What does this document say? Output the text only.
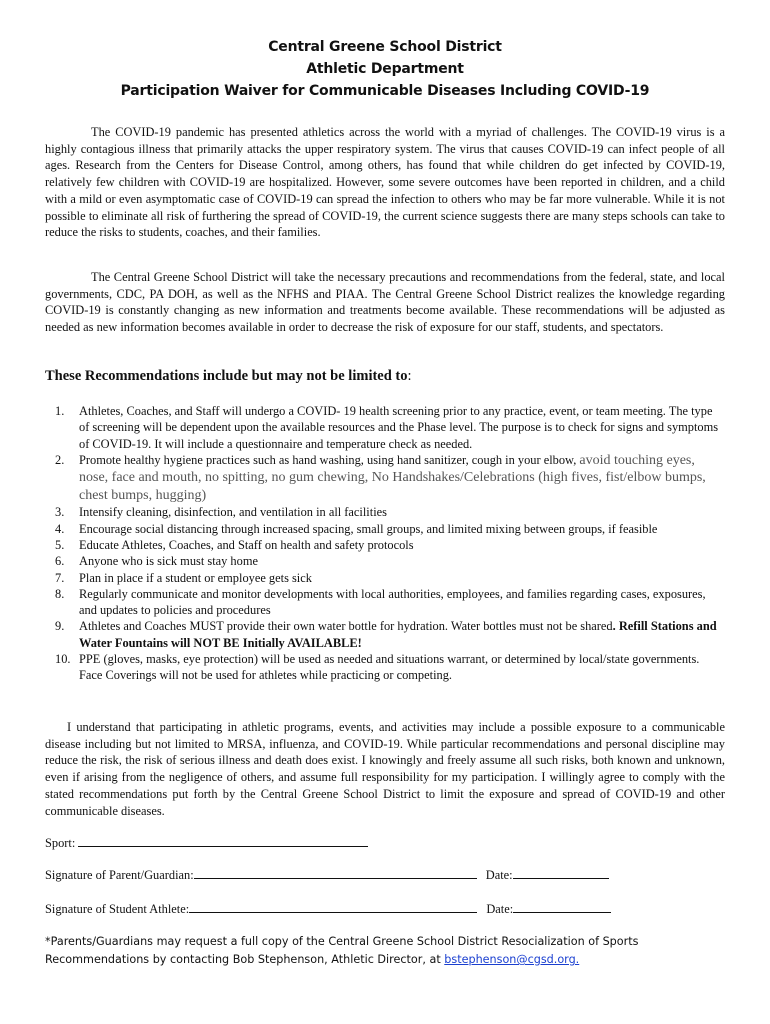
Central Greene School District
Athletic Department
Participation Waiver for Communicable Diseases Including COVID-19
The COVID-19 pandemic has presented athletics across the world with a myriad of challenges. The COVID-19 virus is a highly contagious illness that primarily attacks the upper respiratory system. The virus that causes COVID-19 can infect people of all ages. Research from the Centers for Disease Control, among others, has found that while children do get infected by COVID-19, relatively few children with COVID-19 are hospitalized. However, some severe outcomes have been reported in children, and a child with a mild or even asymptomatic case of COVID-19 can spread the infection to others who may be far more vulnerable. While it is not possible to eliminate all risk of furthering the spread of COVID-19, the current science suggests there are many steps schools can take to reduce the risks to students, coaches, and their families.
The Central Greene School District will take the necessary precautions and recommendations from the federal, state, and local governments, CDC, PA DOH, as well as the NFHS and PIAA. The Central Greene School District realizes the knowledge regarding COVID-19 is constantly changing as new information and treatments become available. These recommendations will be adjusted as needed as new information becomes available in order to decrease the risk of exposure for our staff, students, and spectators.
These Recommendations include but may not be limited to:
1. Athletes, Coaches, and Staff will undergo a COVID- 19 health screening prior to any practice, event, or team meeting. The type of screening will be dependent upon the available resources and the Phase level. The purpose is to check for signs and symptoms of COVID-19. It will include a questionnaire and temperature check as needed.
2. Promote healthy hygiene practices such as hand washing, using hand sanitizer, cough in your elbow, avoid touching eyes, nose, face and mouth, no spitting, no gum chewing, No Handshakes/Celebrations (high fives, fist/elbow bumps, chest bumps, hugging)
3. Intensify cleaning, disinfection, and ventilation in all facilities
4. Encourage social distancing through increased spacing, small groups, and limited mixing between groups, if feasible
5. Educate Athletes, Coaches, and Staff on health and safety protocols
6. Anyone who is sick must stay home
7. Plan in place if a student or employee gets sick
8. Regularly communicate and monitor developments with local authorities, employees, and families regarding cases, exposures, and updates to policies and procedures
9. Athletes and Coaches MUST provide their own water bottle for hydration. Water bottles must not be shared. Refill Stations and Water Fountains will NOT BE Initially AVAILABLE!
10. PPE (gloves, masks, eye protection) will be used as needed and situations warrant, or determined by local/state governments. Face Coverings will not be used for athletes while practicing or competing.
I understand that participating in athletic programs, events, and activities may include a possible exposure to a communicable disease including but not limited to MRSA, influenza, and COVID-19. While particular recommendations and personal discipline may reduce the risk, the risk of serious illness and death does exist. I knowingly and freely assume all such risks, both known and unknown, even if arising from the negligence of others, and assume full responsibility for my participation. I willingly agree to comply with the stated recommendations put forth by the Central Greene School District to limit the exposure and spread of COVID-19 and other communicable diseases.
Sport:
Signature of Parent/Guardian:	Date:
Signature of Student Athlete:	Date:
*Parents/Guardians may request a full copy of the Central Greene School District Resocialization of Sports Recommendations by contacting Bob Stephenson, Athletic Director, at bstephenson@cgsd.org.
